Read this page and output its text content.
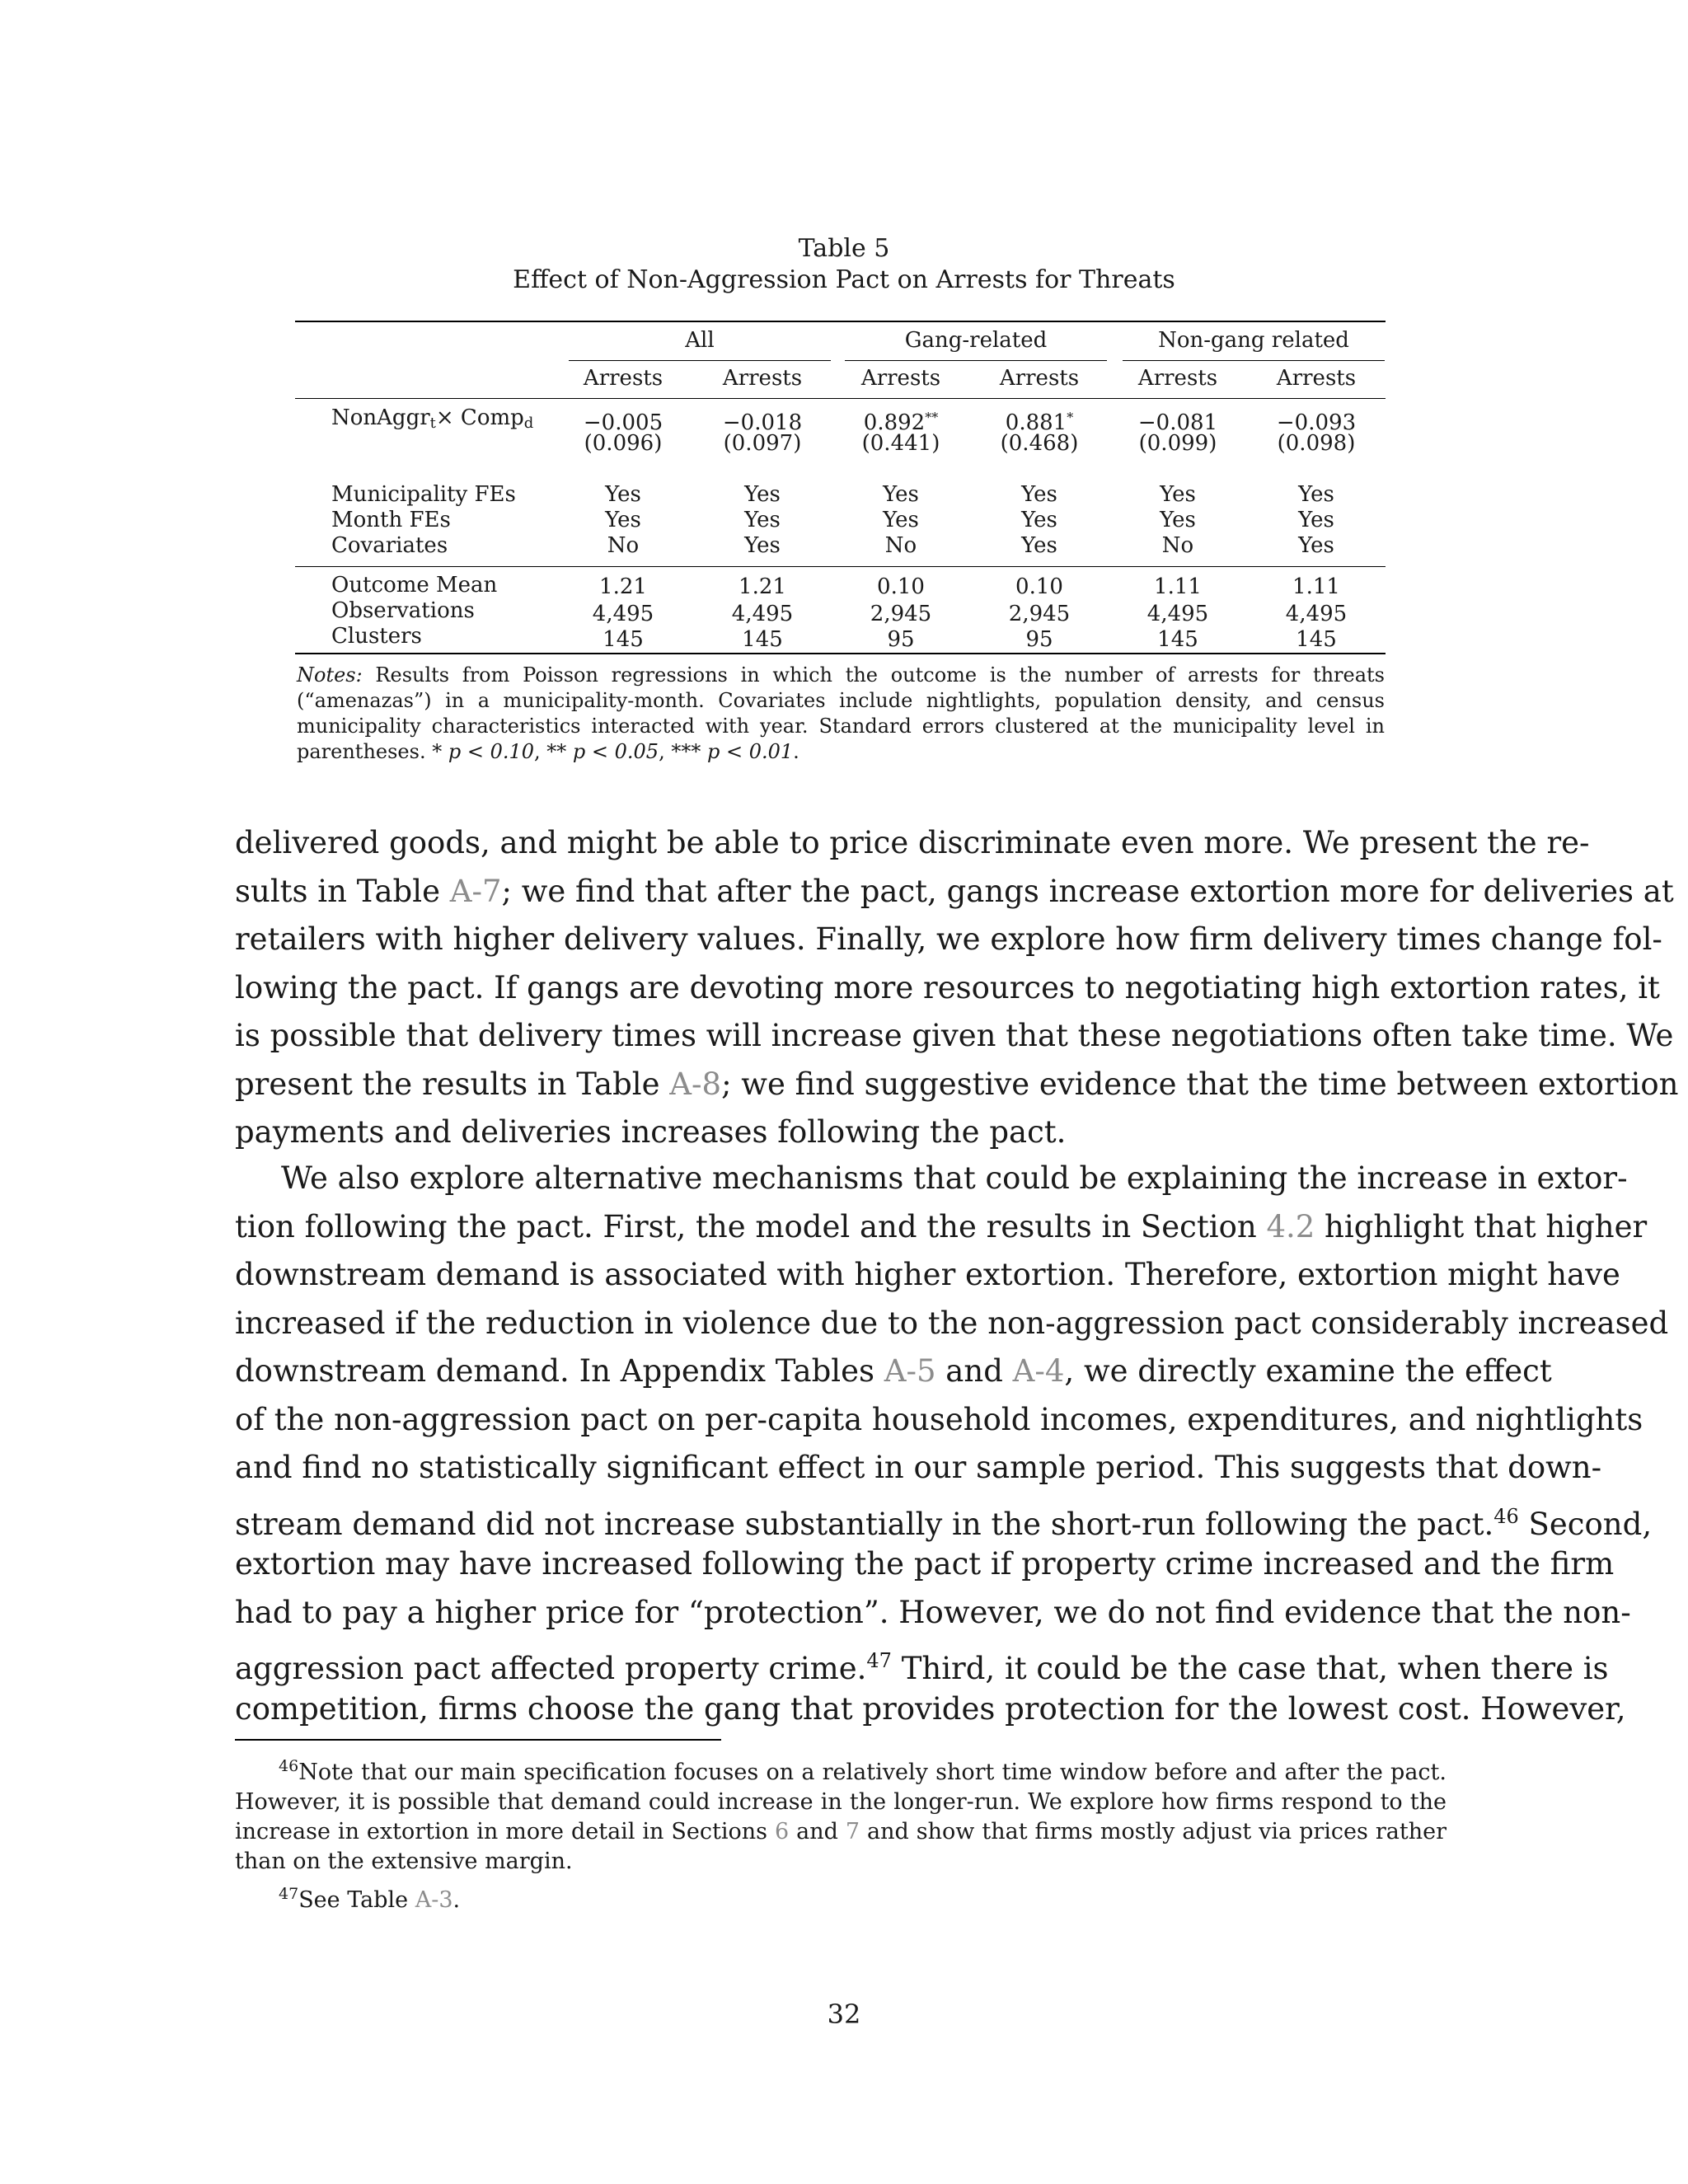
Table 5
Effect of Non-Aggression Pact on Arrests for Threats
All	Gang-related	Non-gang related
Arrests	Arrests	Arrests	Arrests	Arrests	Arrests
NonAggr$_t$× Comp$_d$	−0.005	−0.018	0.892**	0.881*	−0.081	−0.093
(0.096)	(0.097)	(0.441)	(0.468)	(0.099)	(0.098)
Municipality FEs	Yes	Yes	Yes	Yes	Yes	Yes
Month FEs	Yes	Yes	Yes	Yes	Yes	Yes
Covariates	No	Yes	No	Yes	No	Yes
Outcome Mean	1.21	1.21	0.10	0.10	1.11	1.11
Observations	4,495	4,495	2,945	2,945	4,495	4,495
Clusters	145	145	95	95	145	145
Notes: Results from Poisson regressions in which the outcome is the number of arrests for threats (“amenazas”) in a municipality-month. Covariates include nightlights, population density, and census municipality characteristics interacted with year. Standard errors clustered at the municipality level in parentheses. * p < 0.10, ** p < 0.05, *** p < 0.01.
delivered goods, and might be able to price discriminate even more. We present the re-
sults in Table A-7; we find that after the pact, gangs increase extortion more for deliveries at
retailers with higher delivery values. Finally, we explore how firm delivery times change fol-
lowing the pact. If gangs are devoting more resources to negotiating high extortion rates, it
is possible that delivery times will increase given that these negotiations often take time. We
present the results in Table A-8; we find suggestive evidence that the time between extortion
payments and deliveries increases following the pact.
We also explore alternative mechanisms that could be explaining the increase in extor-
tion following the pact. First, the model and the results in Section 4.2 highlight that higher
downstream demand is associated with higher extortion. Therefore, extortion might have
increased if the reduction in violence due to the non-aggression pact considerably increased
downstream demand. In Appendix Tables A-5 and A-4, we directly examine the effect
of the non-aggression pact on per-capita household incomes, expenditures, and nightlights
and find no statistically significant effect in our sample period. This suggests that down-
stream demand did not increase substantially in the short-run following the pact.$^{46}$ Second,
extortion may have increased following the pact if property crime increased and the firm
had to pay a higher price for “protection”. However, we do not find evidence that the non-
aggression pact affected property crime.$^{47}$ Third, it could be the case that, when there is
competition, firms choose the gang that provides protection for the lowest cost. However,
$^{46}$Note that our main specification focuses on a relatively short time window before and after the pact. However, it is possible that demand could increase in the longer-run. We explore how firms respond to the increase in extortion in more detail in Sections 6 and 7 and show that firms mostly adjust via prices rather than on the extensive margin.
$^{47}$See Table A-3.
32
